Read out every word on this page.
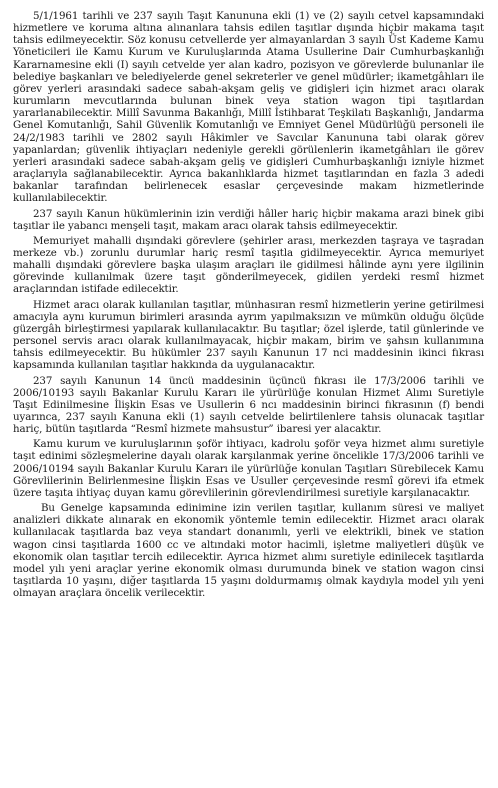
5/1/1961 tarihli ve 237 sayılı Taşıt Kanununa ekli (1) ve (2) sayılı cetvel kapsamındaki hizmetlere ve koruma altına alınanlara tahsis edilen taşıtlar dışında hiçbir makama taşıt tahsis edilmeyecektir. Söz konusu cetvellerde yer almayanlardan 3 sayılı Üst Kademe Kamu Yöneticileri ile Kamu Kurum ve Kuruluşlarında Atama Usullerine Dair Cumhurbaşkanlığı Kararnamesine ekli (I) sayılı cetvelde yer alan kadro, pozisyon ve görevlerde bulunanlar ile belediye başkanları ve belediyelerde genel sekreterler ve genel müdürler; ikametgâhları ile görev yerleri arasındaki sadece sabah-akşam geliş ve gidişleri için hizmet aracı olarak kurumların mevcutlarında bulunan binek veya station wagon tipi taşıtlardan yararlanabilecektir. Millî Savunma Bakanlığı, Millî İstihbarat Teşkilatı Başkanlığı, Jandarma Genel Komutanlığı, Sahil Güvenlik Komutanlığı ve Emniyet Genel Müdürlüğü personeli ile 24/2/1983 tarihli ve 2802 sayılı Hâkimler ve Savcılar Kanununa tabi olarak görev yapanlardan; güvenlik ihtiyaçları nedeniyle gerekli görülenlerin ikametgâhları ile görev yerleri arasındaki sadece sabah-akşam geliş ve gidişleri Cumhurbaşkanlığı izniyle hizmet araçlarıyla sağlanabilecektir. Ayrıca bakanlıklarda hizmet taşıtlarından en fazla 3 adedi bakanlar tarafından belirlenecek esaslar çerçevesinde makam hizmetlerinde kullanılabilecektir.

237 sayılı Kanun hükümlerinin izin verdiği hâller hariç hiçbir makama arazi binek gibi taşıtlar ile yabancı menşeli taşıt, makam aracı olarak tahsis edilmeyecektir.

Memuriyet mahalli dışındaki görevlere (şehirler arası, merkezden taşraya ve taşradan merkeze vb.) zorunlu durumlar hariç resmî taşıtla gidilmeyecektir. Ayrıca memuriyet mahalli dışındaki görevlere başka ulaşım araçları ile gidilmesi hâlinde aynı yere ilgilinin görevinde kullanılmak üzere taşıt gönderilmeyecek, gidilen yerdeki resmî hizmet araçlarından istifade edilecektir.

Hizmet aracı olarak kullanılan taşıtlar, münhasıran resmî hizmetlerin yerine getirilmesi amacıyla aynı kurumun birimleri arasında ayrım yapılmaksızın ve mümkün olduğu ölçüde güzergâh birleştirmesi yapılarak kullanılacaktır. Bu taşıtlar; özel işlerde, tatil günlerinde ve personel servis aracı olarak kullanılmayacak, hiçbir makam, birim ve şahsın kullanımına tahsis edilmeyecektir. Bu hükümler 237 sayılı Kanunun 17 nci maddesinin ikinci fıkrası kapsamında kullanılan taşıtlar hakkında da uygulanacaktır.

237 sayılı Kanunun 14 üncü maddesinin üçüncü fıkrası ile 17/3/2006 tarihli ve 2006/10193 sayılı Bakanlar Kurulu Kararı ile yürürlüğe konulan Hizmet Alımı Suretiyle Taşıt Edinilmesine İlişkin Esas ve Usullerin 6 ncı maddesinin birinci fıkrasının (f) bendi uyarınca, 237 sayılı Kanuna ekli (1) sayılı cetvelde belirtilenlere tahsis olunacak taşıtlar hariç, bütün taşıtlarda “Resmî hizmete mahsustur” ibaresi yer alacaktır.

Kamu kurum ve kuruluşlarının şoför ihtiyacı, kadrolu şoför veya hizmet alımı suretiyle taşıt edinimi sözleşmelerine dayalı olarak karşılanmak yerine öncelikle 17/3/2006 tarihli ve 2006/10194 sayılı Bakanlar Kurulu Kararı ile yürürlüğe konulan Taşıtları Sürebilecek Kamu Görevlilerinin Belirlenmesine İlişkin Esas ve Usuller çerçevesinde resmî görevi ifa etmek üzere taşıta ihtiyaç duyan kamu görevlilerinin görevlendirilmesi suretiyle karşılanacaktır.

Bu Genelge kapsamında edinimine izin verilen taşıtlar, kullanım süresi ve maliyet analizleri dikkate alınarak en ekonomik yöntemle temin edilecektir. Hizmet aracı olarak kullanılacak taşıtlarda baz veya standart donanımlı, yerli ve elektrikli, binek ve station wagon cinsi taşıtlarda 1600 cc ve altındaki motor hacimli, işletme maliyetleri düşük ve ekonomik olan taşıtlar tercih edilecektir. Ayrıca hizmet alımı suretiyle edinilecek taşıtlarda model yılı yeni araçlar yerine ekonomik olması durumunda binek ve station wagon cinsi taşıtlarda 10 yaşını, diğer taşıtlarda 15 yaşını doldurmamış olmak kaydıyla model yılı yeni olmayan araçlara öncelik verilecektir.
